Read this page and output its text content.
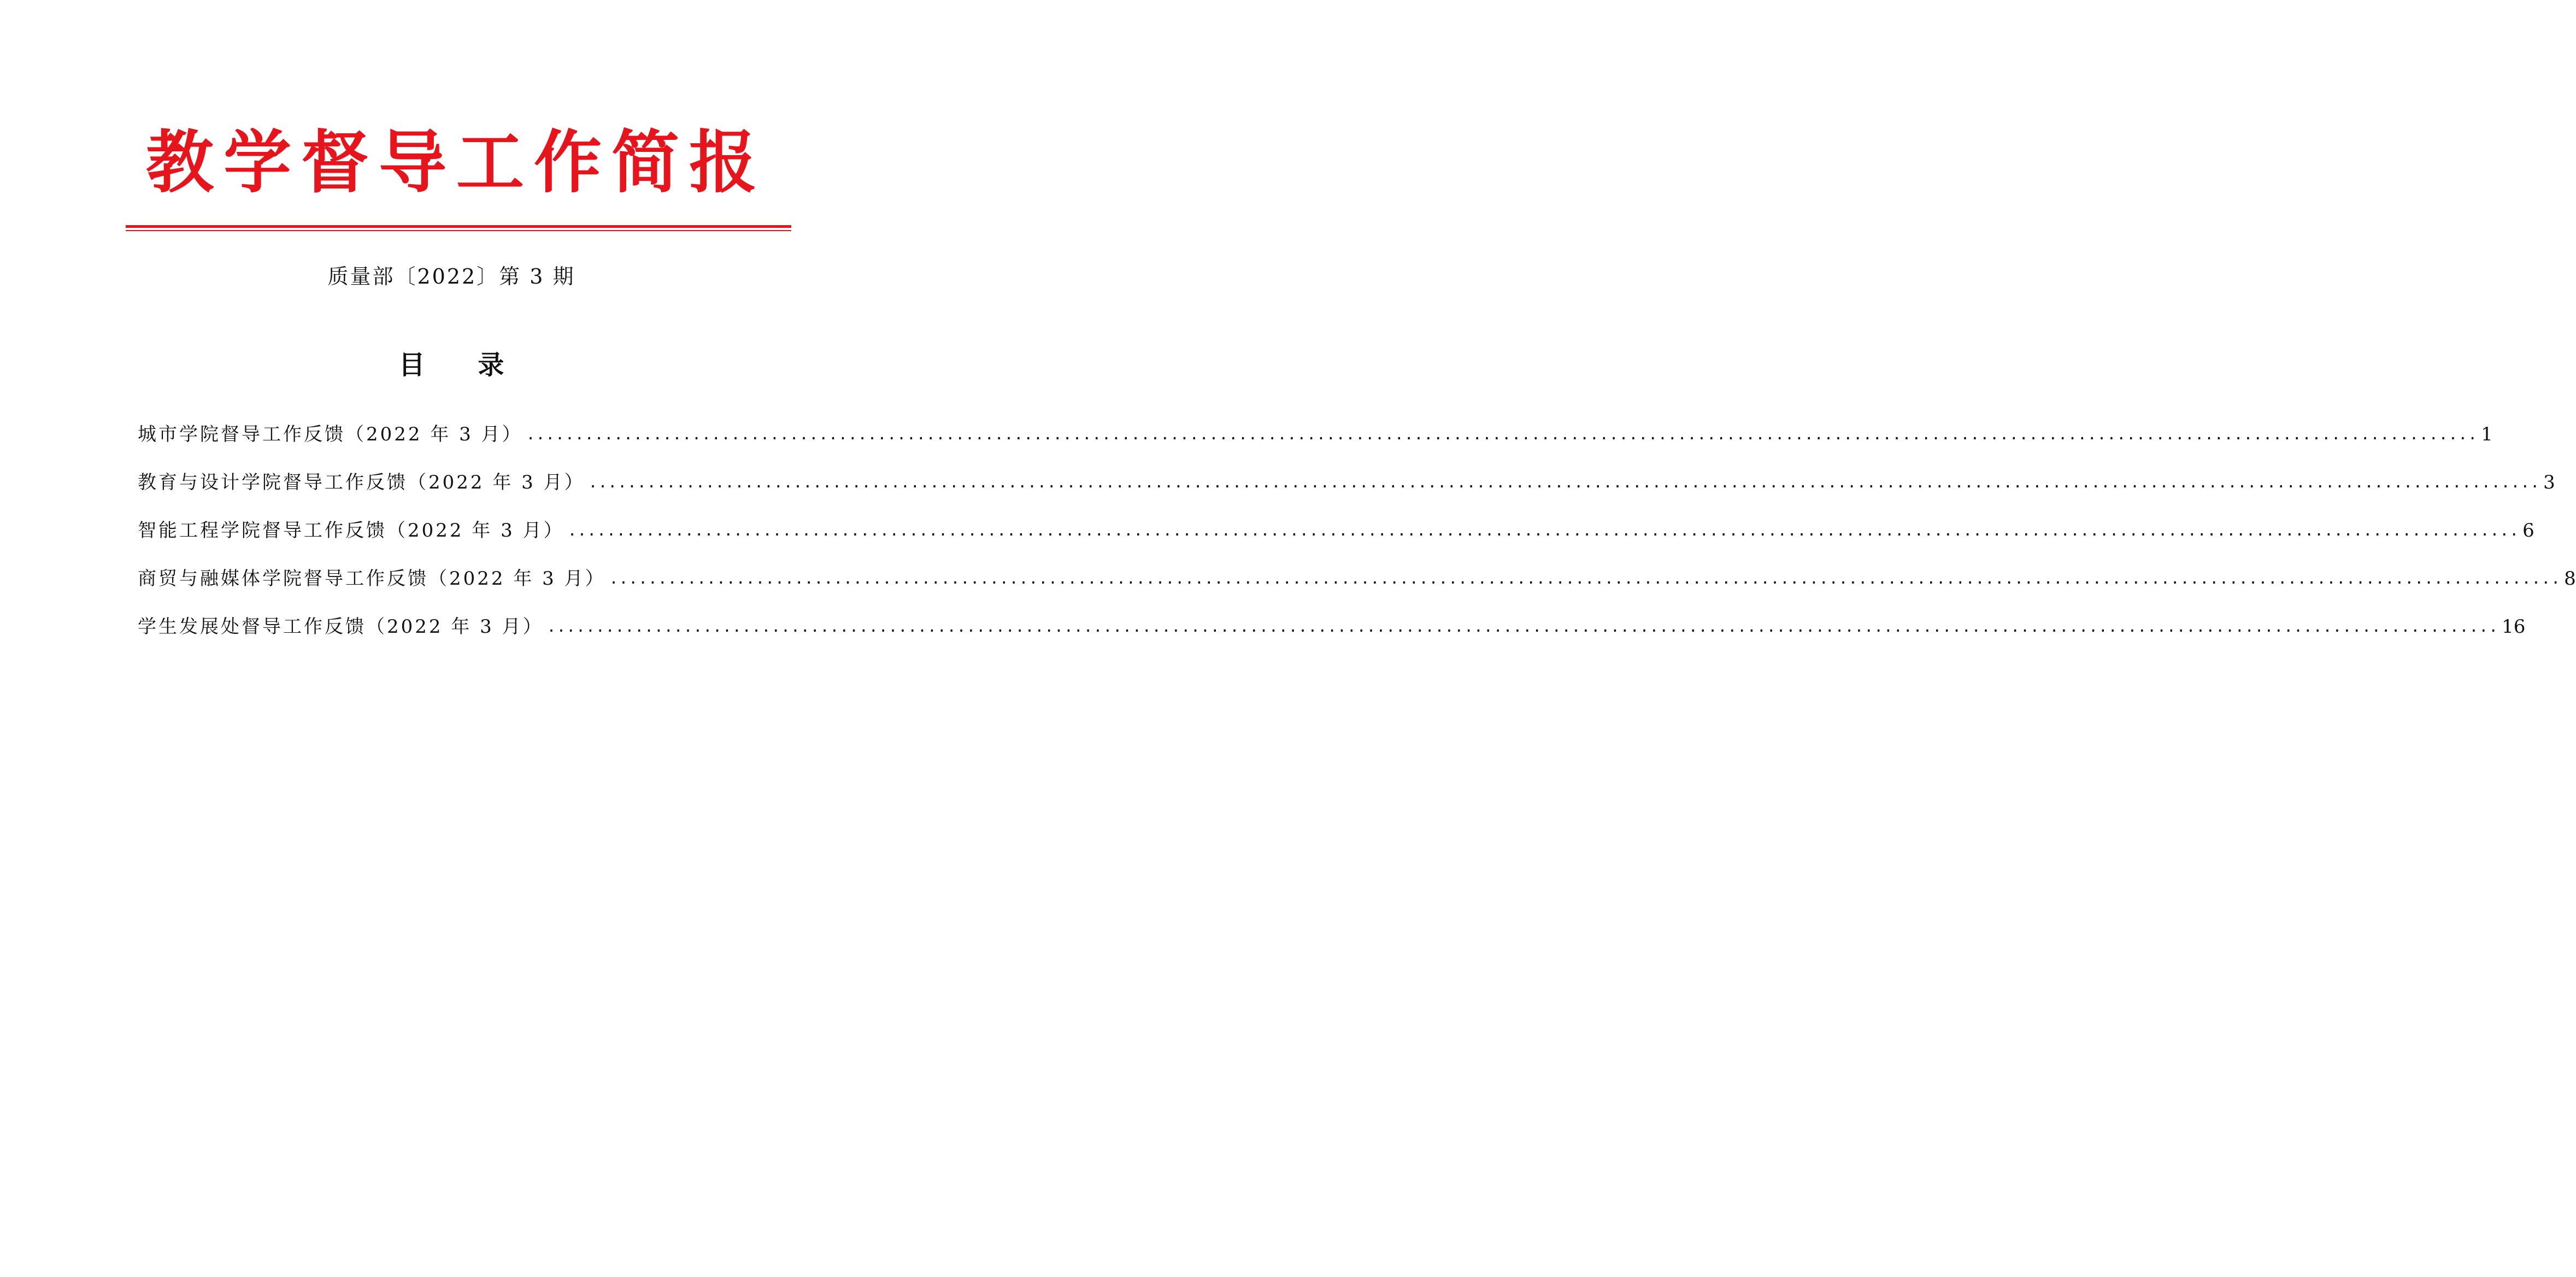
教学督导工作简报
质量部〔2022〕第 3 期
目 录
城市学院督导工作反馈（2022 年 3 月） ........................................................................................................................................................................................................ 1
教育与设计学院督导工作反馈（2022 年 3 月） ........................................................................................................................................................................................................ 3
智能工程学院督导工作反馈（2022 年 3 月） ........................................................................................................................................................................................................ 6
商贸与融媒体学院督导工作反馈（2022 年 3 月） ........................................................................................................................................................................................................ 8
学生发展处督导工作反馈（2022 年 3 月） ........................................................................................................................................................................................................ 16
